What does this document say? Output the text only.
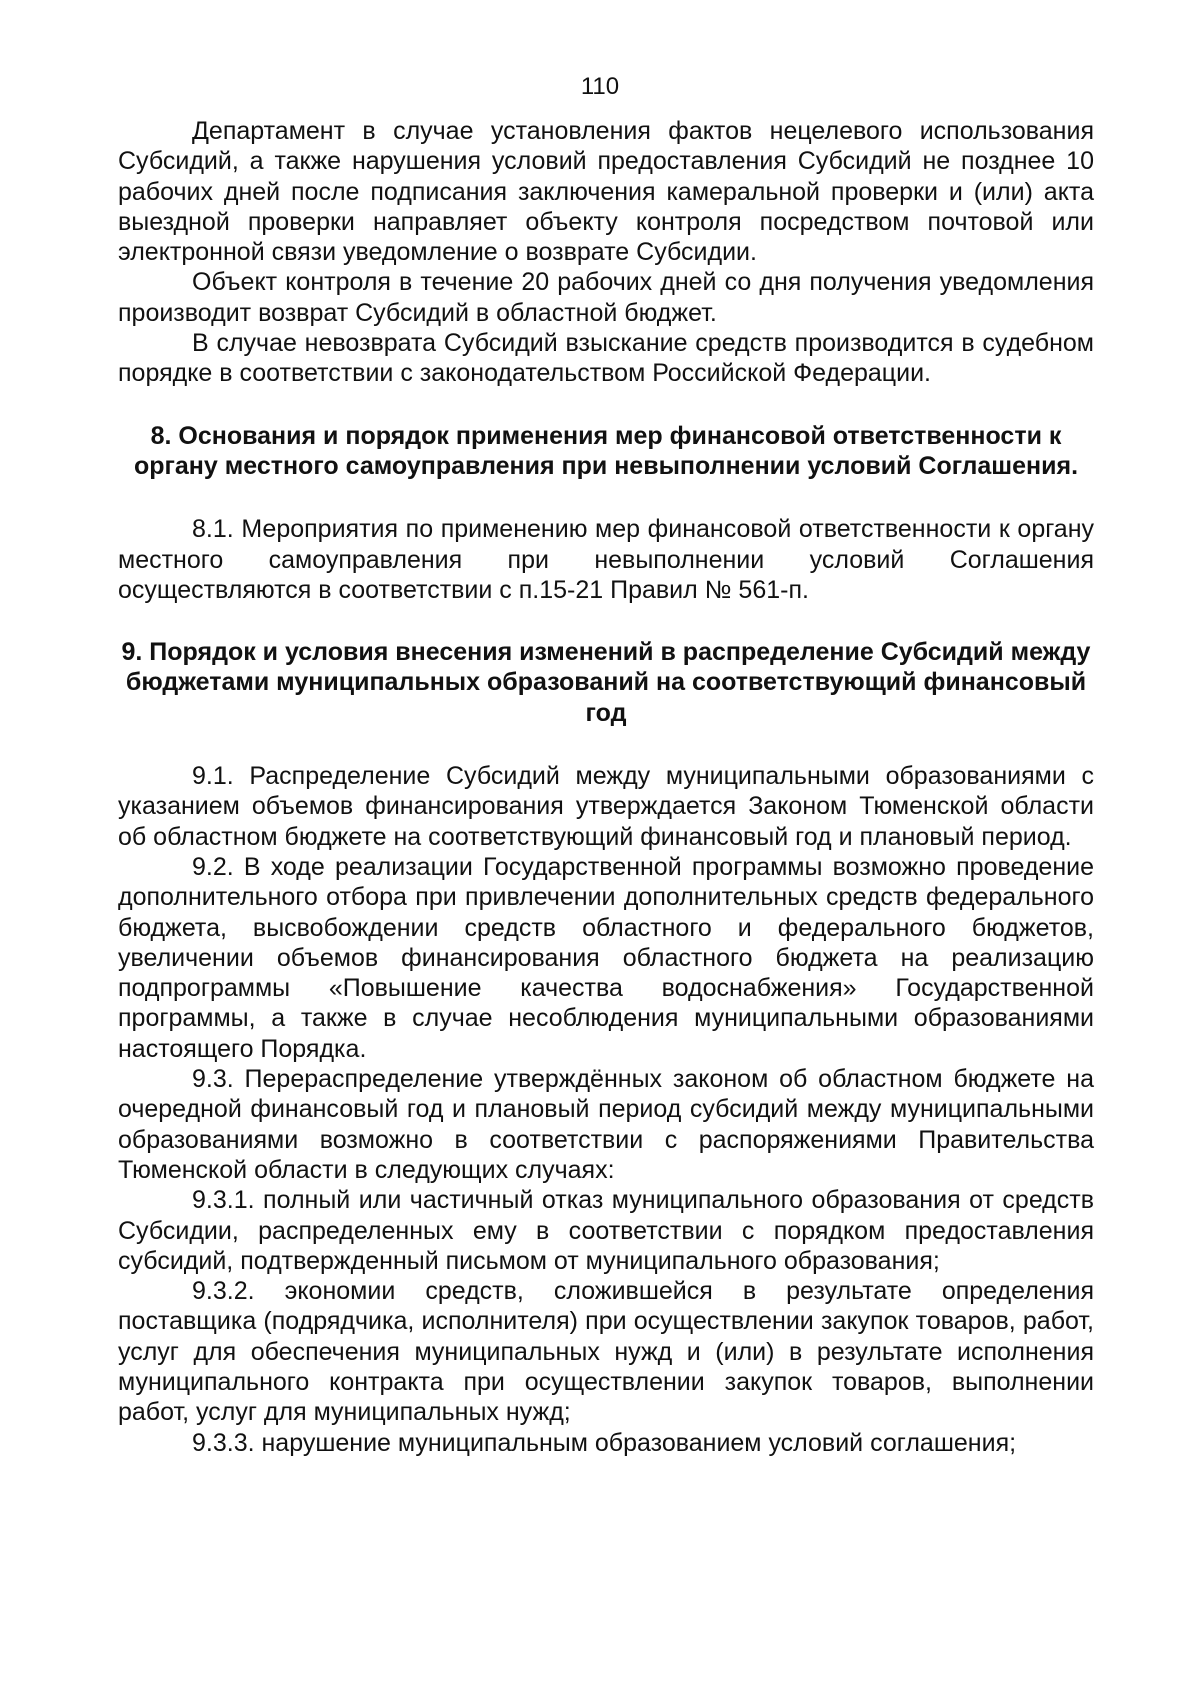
110

Департамент в случае установления фактов нецелевого использования Субсидий, а также нарушения условий предоставления Субсидий не позднее 10 рабочих дней после подписания заключения камеральной проверки и (или) акта выездной проверки направляет объекту контроля посредством почтовой или электронной связи уведомление о возврате Субсидии.

Объект контроля в течение 20 рабочих дней со дня получения уведомления производит возврат Субсидий в областной бюджет.

В случае невозврата Субсидий взыскание средств производится в судебном порядке в соответствии с законодательством Российской Федерации.

8. Основания и порядок применения мер финансовой ответственности к органу местного самоуправления при невыполнении условий Соглашения.

8.1. Мероприятия по применению мер финансовой ответственности к органу местного самоуправления при невыполнении условий Соглашения осуществляются в соответствии с п.15-21 Правил № 561-п.

9. Порядок и условия внесения изменений в распределение Субсидий между бюджетами муниципальных образований на соответствующий финансовый год

9.1. Распределение Субсидий между муниципальными образованиями с указанием объемов финансирования утверждается Законом Тюменской области об областном бюджете на соответствующий финансовый год и плановый период.

9.2. В ходе реализации Государственной программы возможно проведение дополнительного отбора при привлечении дополнительных средств федерального бюджета, высвобождении средств областного и федерального бюджетов, увеличении объемов финансирования областного бюджета на реализацию подпрограммы «Повышение качества водоснабжения» Государственной программы, а также в случае несоблюдения муниципальными образованиями настоящего Порядка.

9.3. Перераспределение утверждённых законом об областном бюджете на очередной финансовый год и плановый период субсидий между муниципальными образованиями возможно в соответствии с распоряжениями Правительства Тюменской области в следующих случаях:

9.3.1. полный или частичный отказ муниципального образования от средств Субсидии, распределенных ему в соответствии с порядком предоставления субсидий, подтвержденный письмом от муниципального образования;

9.3.2. экономии средств, сложившейся в результате определения поставщика (подрядчика, исполнителя) при осуществлении закупок товаров, работ, услуг для обеспечения муниципальных нужд и (или) в результате исполнения муниципального контракта при осуществлении закупок товаров, выполнении работ, услуг для муниципальных нужд;

9.3.3. нарушение муниципальным образованием условий соглашения;
